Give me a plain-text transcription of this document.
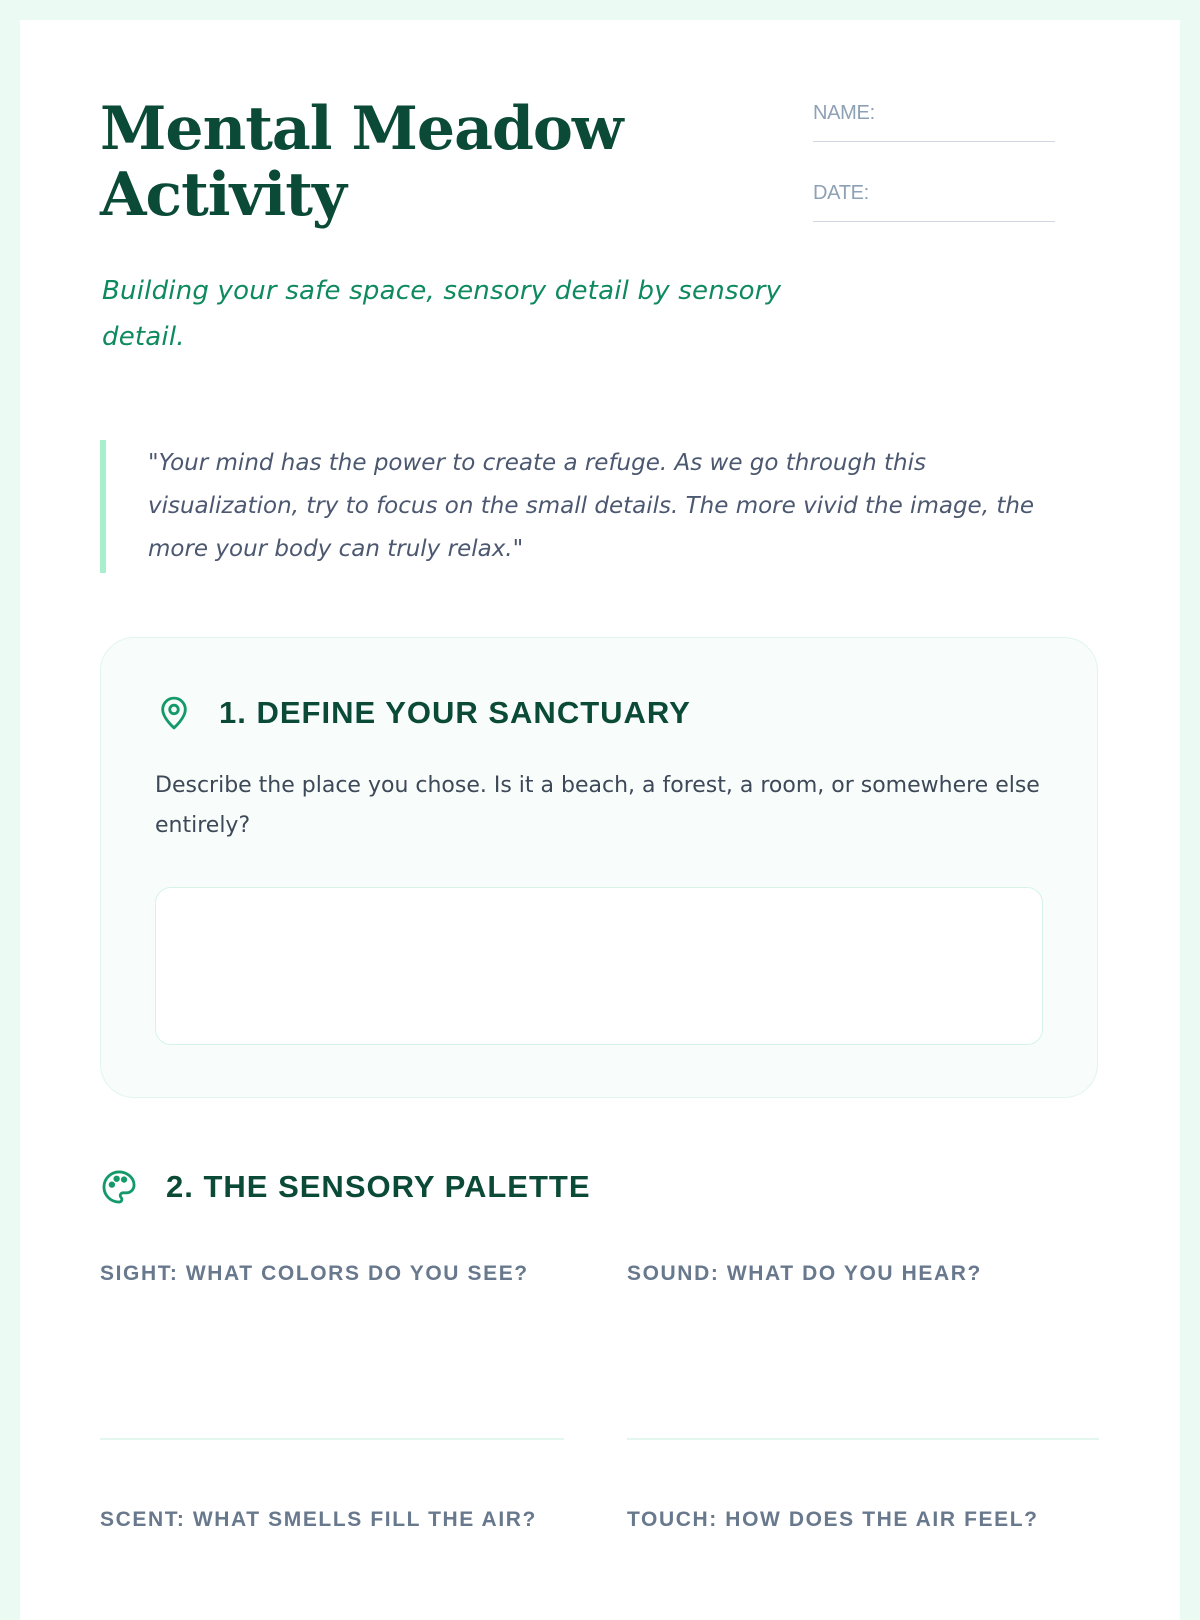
Mental Meadow Activity
Building your safe space, sensory detail by sensory detail.
NAME:
DATE:
"Your mind has the power to create a refuge. As we go through this visualization, try to focus on the small details. The more vivid the image, the more your body can truly relax."
1. DEFINE YOUR SANCTUARY
Describe the place you chose. Is it a beach, a forest, a room, or somewhere else entirely?
2. THE SENSORY PALETTE
SIGHT: WHAT COLORS DO YOU SEE?	SOUND: WHAT DO YOU HEAR?
SCENT: WHAT SMELLS FILL THE AIR?	TOUCH: HOW DOES THE AIR FEEL?
